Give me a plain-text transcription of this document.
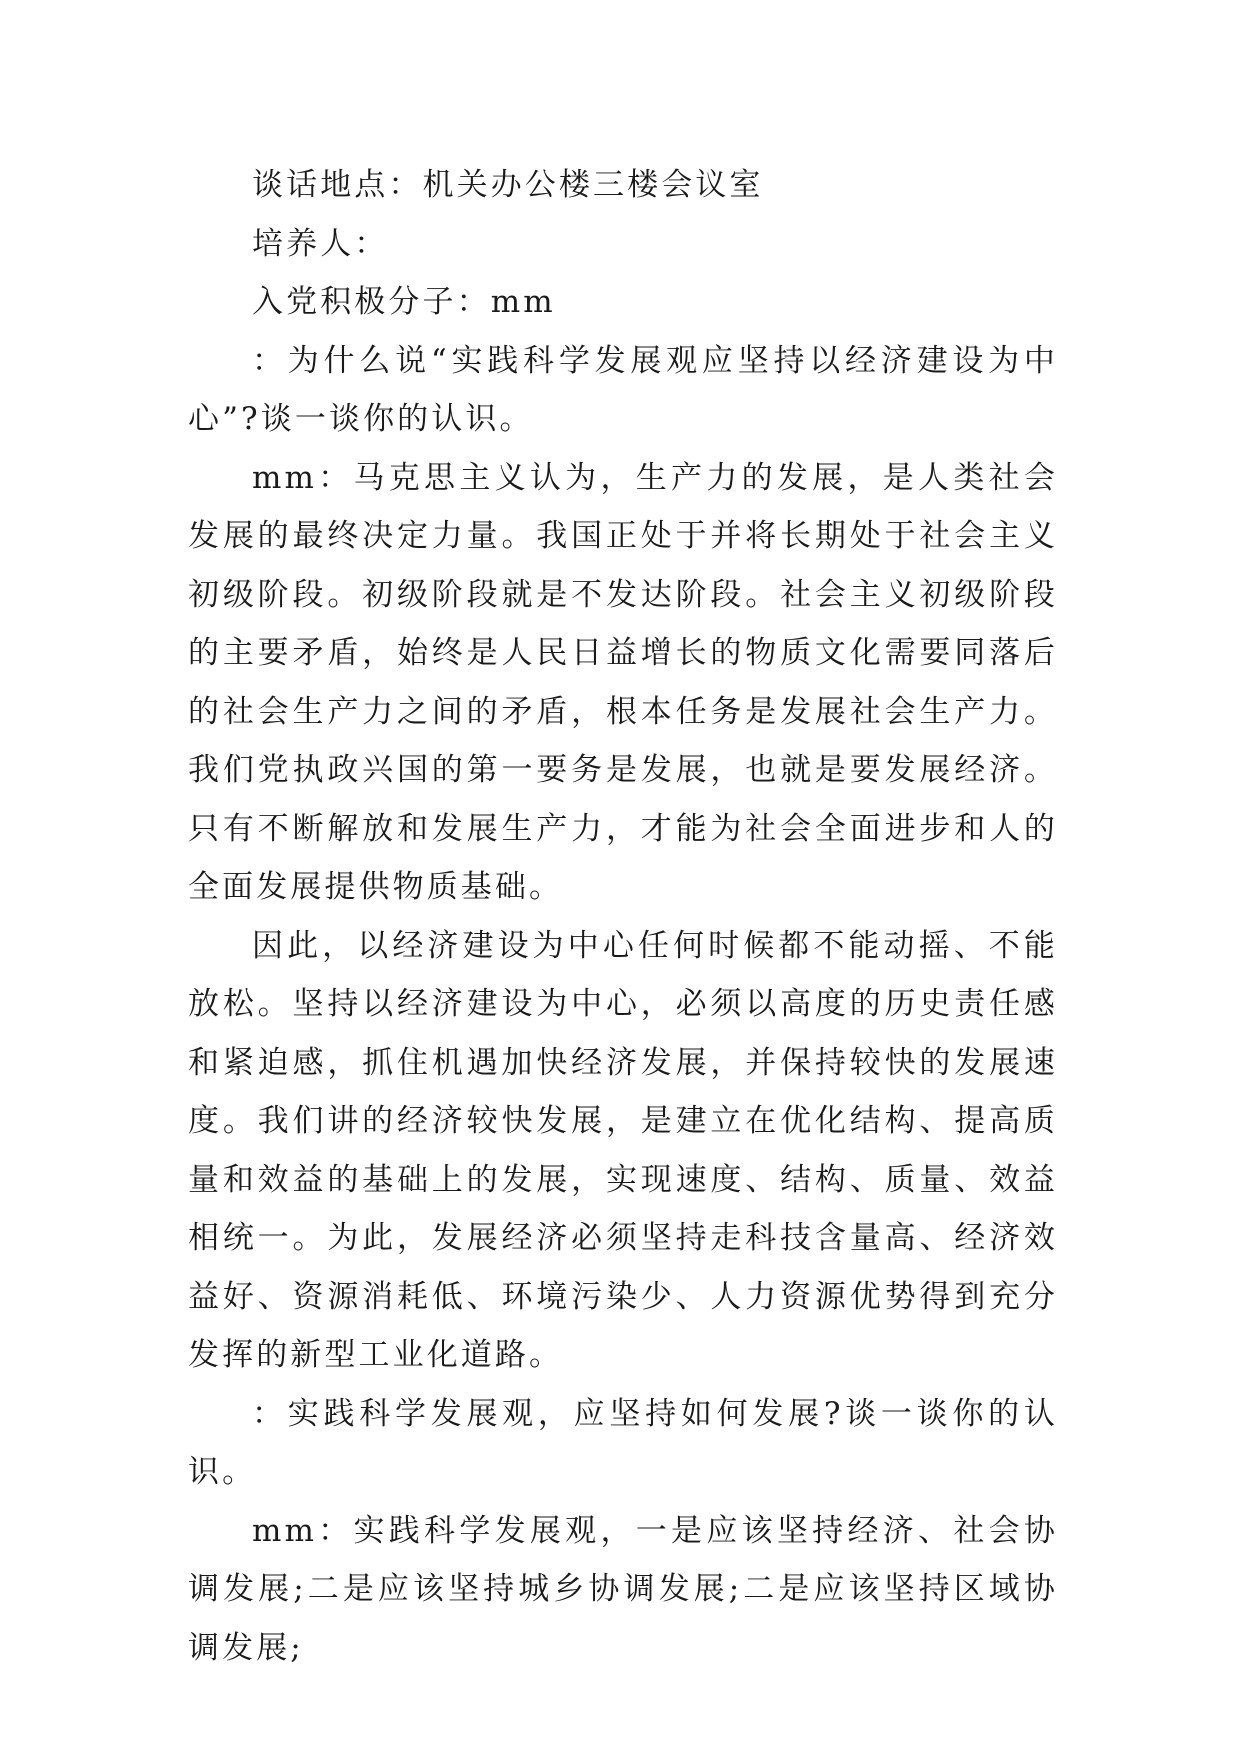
谈话地点：机关办公楼三楼会议室

培养人：

入党积极分子：mm

：为什么说“实践科学发展观应坚持以经济建设为中心”?谈一谈你的认识。

mm：马克思主义认为，生产力的发展，是人类社会发展的最终决定力量。我国正处于并将长期处于社会主义初级阶段。初级阶段就是不发达阶段。社会主义初级阶段的主要矛盾，始终是人民日益增长的物质文化需要同落后的社会生产力之间的矛盾，根本任务是发展社会生产力。我们党执政兴国的第一要务是发展，也就是要发展经济。只有不断解放和发展生产力，才能为社会全面进步和人的全面发展提供物质基础。

因此，以经济建设为中心任何时候都不能动摇、不能放松。坚持以经济建设为中心，必须以高度的历史责任感和紧迫感，抓住机遇加快经济发展，并保持较快的发展速度。我们讲的经济较快发展，是建立在优化结构、提高质量和效益的基础上的发展，实现速度、结构、质量、效益相统一。为此，发展经济必须坚持走科技含量高、经济效益好、资源消耗低、环境污染少、人力资源优势得到充分发挥的新型工业化道路。

：实践科学发展观，应坚持如何发展?谈一谈你的认识。

mm：实践科学发展观，一是应该坚持经济、社会协调发展;二是应该坚持城乡协调发展;二是应该坚持区域协调发展;
